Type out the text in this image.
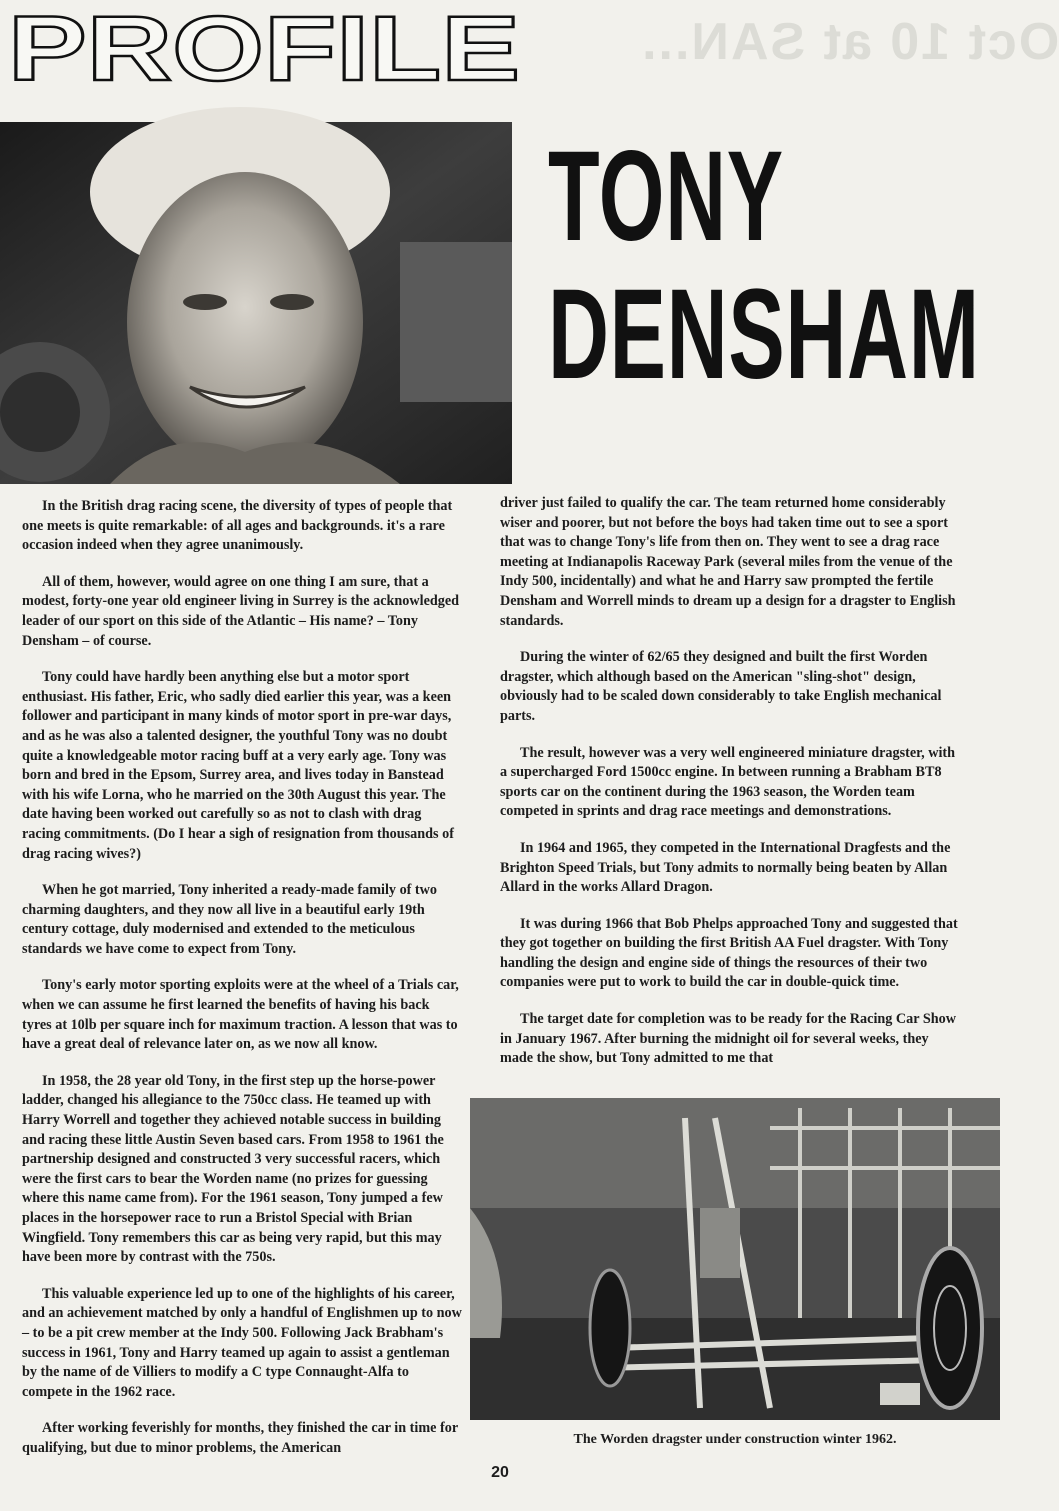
Oct 10 at SAN...
PROFILE
TONY
DENSHAM

In the British drag racing scene, the diversity of types of people that one meets is quite remarkable: of all ages and backgrounds. it's a rare occasion indeed when they agree unanimously.

All of them, however, would agree on one thing I am sure, that a modest, forty-one year old engineer living in Surrey is the acknowledged leader of our sport on this side of the Atlantic – His name? – Tony Densham – of course.

Tony could have hardly been anything else but a motor sport enthusiast. His father, Eric, who sadly died earlier this year, was a keen follower and participant in many kinds of motor sport in pre-war days, and as he was also a talented designer, the youthful Tony was no doubt quite a knowledgeable motor racing buff at a very early age. Tony was born and bred in the Epsom, Surrey area, and lives today in Banstead with his wife Lorna, who he married on the 30th August this year. The date having been worked out carefully so as not to clash with drag racing commitments. (Do I hear a sigh of resignation from thousands of drag racing wives?)

When he got married, Tony inherited a ready-made family of two charming daughters, and they now all live in a beautiful early 19th century cottage, duly modernised and extended to the meticulous standards we have come to expect from Tony.

Tony's early motor sporting exploits were at the wheel of a Trials car, when we can assume he first learned the benefits of having his back tyres at 10lb per square inch for maximum traction. A lesson that was to have a great deal of relevance later on, as we now all know.

In 1958, the 28 year old Tony, in the first step up the horse-power ladder, changed his allegiance to the 750cc class. He teamed up with Harry Worrell and together they achieved notable success in building and racing these little Austin Seven based cars. From 1958 to 1961 the partnership designed and constructed 3 very successful racers, which were the first cars to bear the Worden name (no prizes for guessing where this name came from). For the 1961 season, Tony jumped a few places in the horsepower race to run a Bristol Special with Brian Wingfield. Tony remembers this car as being very rapid, but this may have been more by contrast with the 750s.

This valuable experience led up to one of the highlights of his career, and an achievement matched by only a handful of Englishmen up to now – to be a pit crew member at the Indy 500. Following Jack Brabham's success in 1961, Tony and Harry teamed up again to assist a gentleman by the name of de Villiers to modify a C type Connaught-Alfa to compete in the 1962 race.

After working feverishly for months, they finished the car in time for qualifying, but due to minor problems, the American

driver just failed to qualify the car. The team returned home considerably wiser and poorer, but not before the boys had taken time out to see a sport that was to change Tony's life from then on. They went to see a drag race meeting at Indianapolis Raceway Park (several miles from the venue of the Indy 500, incidentally) and what he and Harry saw prompted the fertile Densham and Worrell minds to dream up a design for a dragster to English standards.

During the winter of 62/65 they designed and built the first Worden dragster, which although based on the American "sling-shot" design, obviously had to be scaled down considerably to take English mechanical parts.

The result, however was a very well engineered miniature dragster, with a supercharged Ford 1500cc engine. In between running a Brabham BT8 sports car on the continent during the 1963 season, the Worden team competed in sprints and drag race meetings and demonstrations.

In 1964 and 1965, they competed in the International Dragfests and the Brighton Speed Trials, but Tony admits to normally being beaten by Allan Allard in the works Allard Dragon.

It was during 1966 that Bob Phelps approached Tony and suggested that they got together on building the first British AA Fuel dragster. With Tony handling the design and engine side of things the resources of their two companies were put to work to build the car in double-quick time.

The target date for completion was to be ready for the Racing Car Show in January 1967. After burning the midnight oil for several weeks, they made the show, but Tony admitted to me that

The Worden dragster under construction winter 1962.
20
